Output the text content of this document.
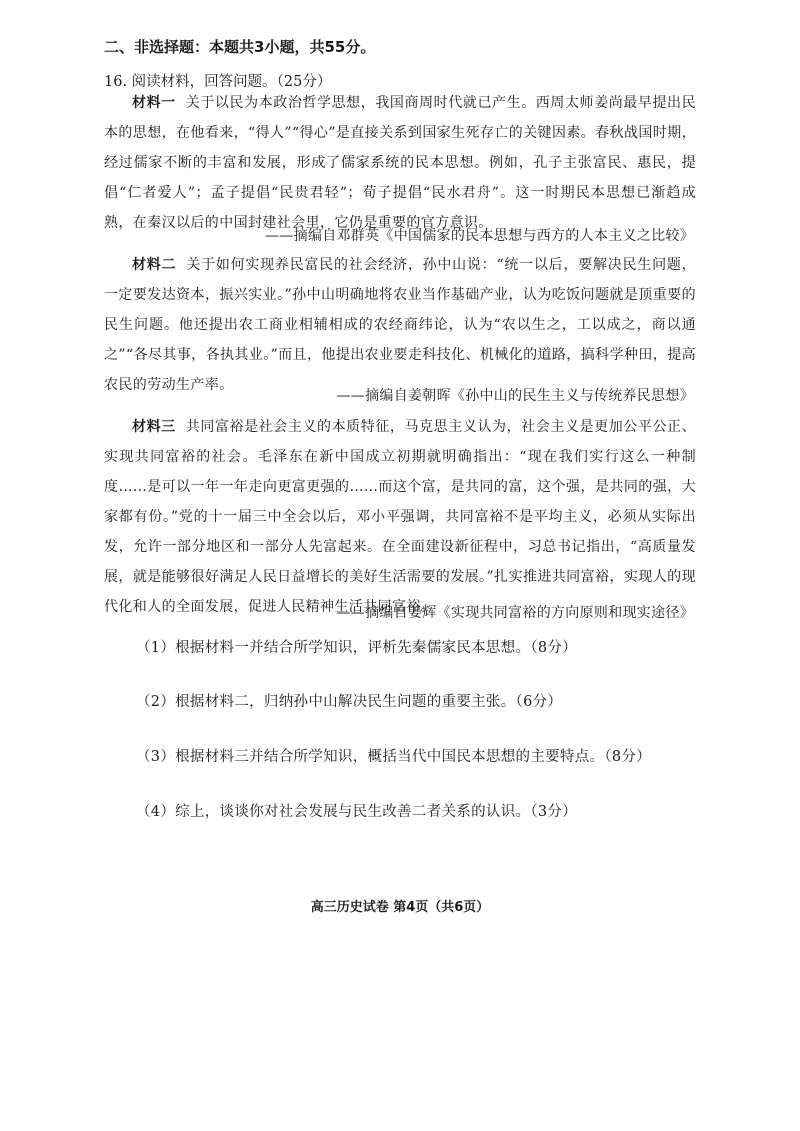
二、非选择题：本题共3小题，共55分。

16. 阅读材料，回答问题。（25分）

材料一 关于以民为本政治哲学思想，我国商周时代就已产生。西周太师姜尚最早提出民本的思想，在他看来，“得人”“得心”是直接关系到国家生死存亡的关键因素。春秋战国时期，经过儒家不断的丰富和发展，形成了儒家系统的民本思想。例如，孔子主张富民、惠民，提倡“仁者爱人”；孟子提倡“民贵君轻”；荀子提倡“民水君舟”。这一时期民本思想已渐趋成熟，在秦汉以后的中国封建社会里，它仍是重要的官方意识。

——摘编自邓群英《中国儒家的民本思想与西方的人本主义之比较》

材料二 关于如何实现养民富民的社会经济，孙中山说：“统一以后，要解决民生问题，一定要发达资本，振兴实业。”孙中山明确地将农业当作基础产业，认为吃饭问题就是顶重要的民生问题。他还提出农工商业相辅相成的农经商纬论，认为“农以生之，工以成之，商以通之”“各尽其事，各执其业。”而且，他提出农业要走科技化、机械化的道路，搞科学种田，提高农民的劳动生产率。

——摘编自姜朝晖《孙中山的民生主义与传统养民思想》

材料三 共同富裕是社会主义的本质特征，马克思主义认为，社会主义是更加公平公正、实现共同富裕的社会。毛泽东在新中国成立初期就明确指出：“现在我们实行这么一种制度……是可以一年一年走向更富更强的……而这个富，是共同的富，这个强，是共同的强，大家都有份。”党的十一届三中全会以后，邓小平强调，共同富裕不是平均主义，必须从实际出发，允许一部分地区和一部分人先富起来。在全面建设新征程中，习总书记指出，“高质量发展，就是能够很好满足人民日益增长的美好生活需要的发展。”扎实推进共同富裕，实现人的现代化和人的全面发展，促进人民精神生活共同富裕。

——摘编自姜辉《实现共同富裕的方向原则和现实途径》

（1）根据材料一并结合所学知识，评析先秦儒家民本思想。（8分）

（2）根据材料二，归纳孙中山解决民生问题的重要主张。（6分）

（3）根据材料三并结合所学知识，概括当代中国民本思想的主要特点。（8分）

（4）综上，谈谈你对社会发展与民生改善二者关系的认识。（3分）

高三历史试卷 第4页（共6页）
